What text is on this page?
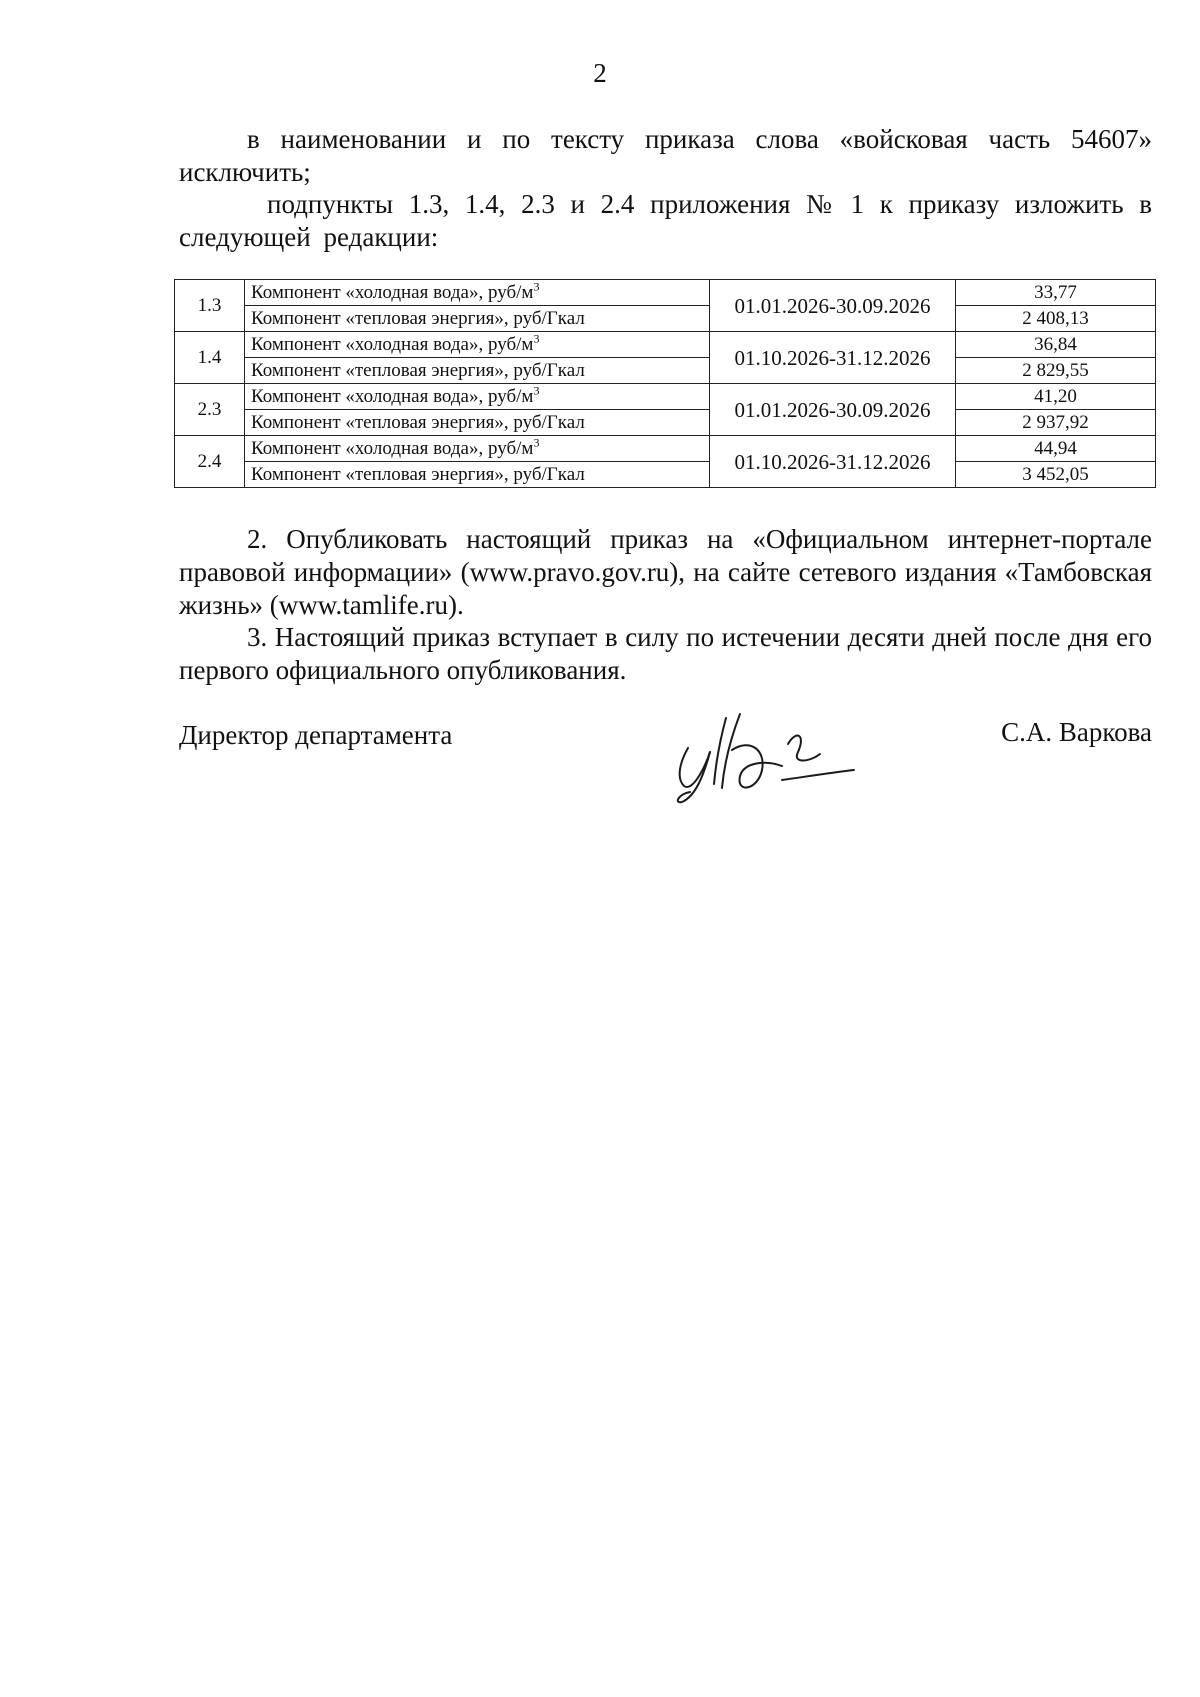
2

в наименовании и по тексту приказа слова «войсковая часть 54607» исключить;

подпункты 1.3, 1.4, 2.3 и 2.4 приложения № 1 к приказу изложить в следующей редакции:

1.3	Компонент «холодная вода», руб/$м^3$	01.01.2026-30.09.2026	33,77
	Компонент «тепловая энергия», руб/Гкал		2 408,13
1.4	Компонент «холодная вода», руб/$м^3$	01.10.2026-31.12.2026	36,84
	Компонент «тепловая энергия», руб/Гкал		2 829,55
2.3	Компонент «холодная вода», руб/$м^3$	01.01.2026-30.09.2026	41,20
	Компонент «тепловая энергия», руб/Гкал		2 937,92
2.4	Компонент «холодная вода», руб/$м^3$	01.10.2026-31.12.2026	44,94
	Компонент «тепловая энергия», руб/Гкал		3 452,05

2. Опубликовать настоящий приказ на «Официальном интернет-портале правовой информации» (www.pravo.gov.ru), на сайте сетевого издания «Тамбовская жизнь» (www.tamlife.ru).

3. Настоящий приказ вступает в силу по истечении десяти дней после дня его первого официального опубликования.

Директор департамента	С.А. Варкова
